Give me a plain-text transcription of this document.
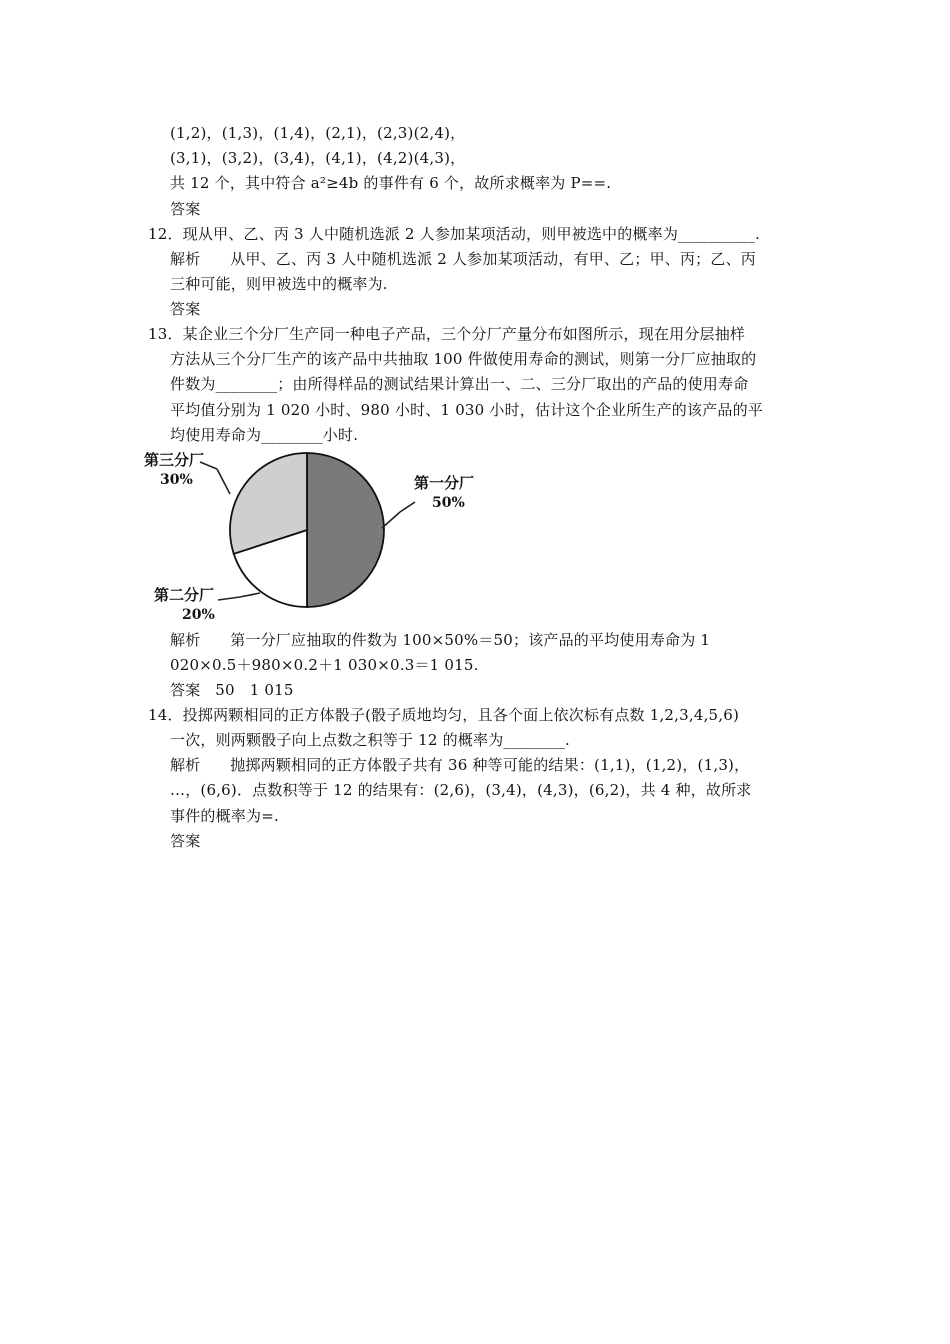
(1,2)，(1,3)，(1,4)，(2,1)，(2,3)(2,4)，
(3,1)，(3,2)，(3,4)，(4,1)，(4,2)(4,3)，
共 12 个，其中符合 a²≥4b 的事件有 6 个，故所求概率为 P==.
答案
12．现从甲、乙、丙 3 人中随机选派 2 人参加某项活动，则甲被选中的概率为__________.
解析      从甲、乙、丙 3 人中随机选派 2 人参加某项活动，有甲、乙；甲、丙；乙、丙
三种可能，则甲被选中的概率为.
答案
13．某企业三个分厂生产同一种电子产品，三个分厂产量分布如图所示，现在用分层抽样
方法从三个分厂生产的该产品中共抽取 100 件做使用寿命的测试，则第一分厂应抽取的
件数为________；由所得样品的测试结果计算出一、二、三分厂取出的产品的使用寿命
平均值分别为 1 020 小时、980 小时、1 030 小时，估计这个企业所生产的该产品的平
均使用寿命为________小时.
第三分厂
30%	第一分厂
50%
第二分厂
20%
解析      第一分厂应抽取的件数为 100×50%＝50；该产品的平均使用寿命为 1
020×0.5＋980×0.2＋1 030×0.3＝1 015.
答案   50   1 015
14．投掷两颗相同的正方体骰子(骰子质地均匀，且各个面上依次标有点数 1,2,3,4,5,6)
一次，则两颗骰子向上点数之积等于 12 的概率为________.
解析      抛掷两颗相同的正方体骰子共有 36 种等可能的结果：(1,1)，(1,2)，(1,3)，
…，(6,6)．点数积等于 12 的结果有：(2,6)，(3,4)，(4,3)，(6,2)，共 4 种，故所求
事件的概率为=.
答案
